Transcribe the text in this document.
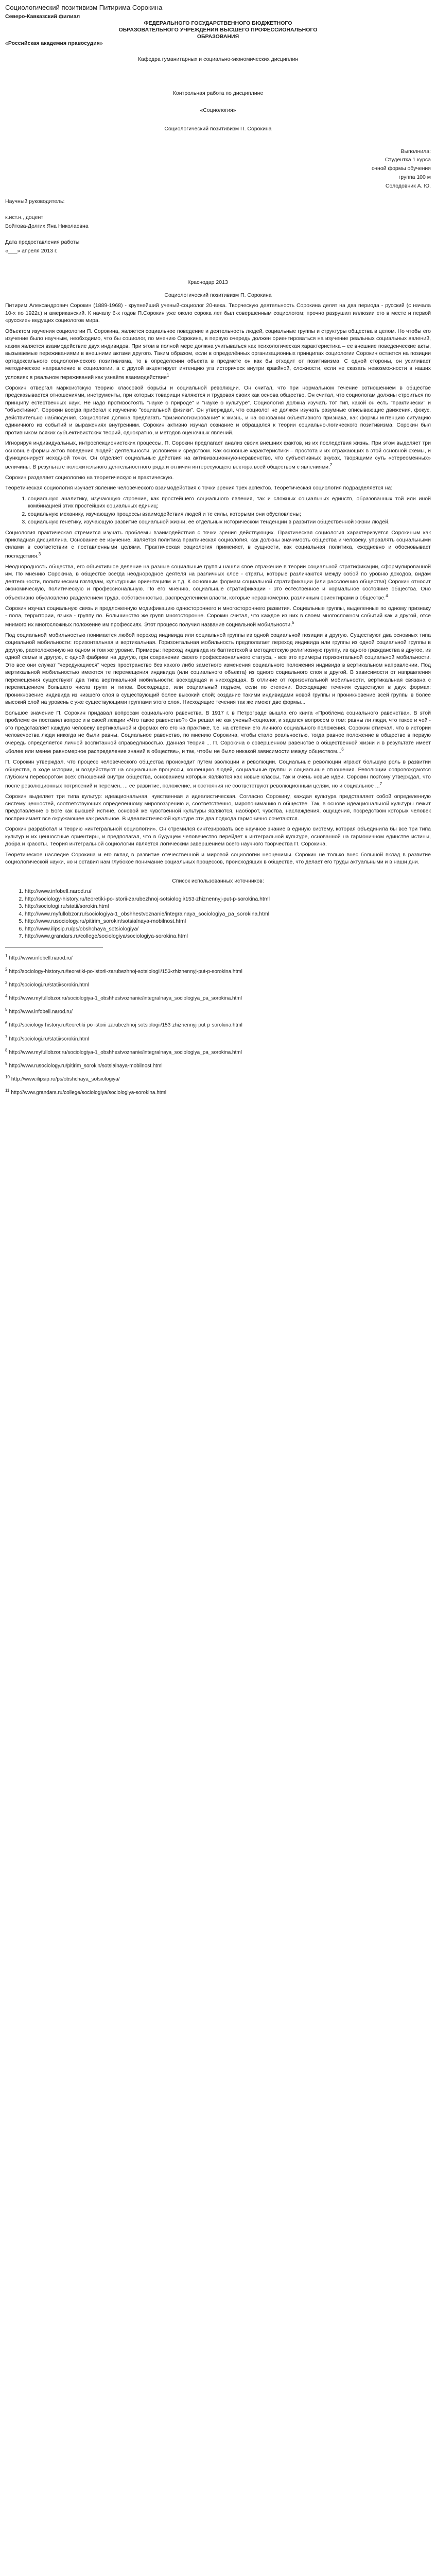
Социологический позитивизм Питирима Сорокина
Северо-Кавказский филиал
ФЕДЕРАЛЬНОГО ГОСУДАРСТВЕННОГО БЮДЖЕТНОГО
ОБРАЗОВАТЕЛЬНОГО УЧРЕЖДЕНИЯ ВЫСШЕГО ПРОФЕССИОНАЛЬНОГО
ОБРАЗОВАНИЯ
«Российская академия правосудия»
Кафедра гуманитарных и социально-экономических дисциплин
Контрольная работа по дисциплине
«Социология»
Социологический позитивизм П. Сорокина
Выполнила:
Студентка 1 курса
очной формы обучения
группа 100 м
Солодовник А. Ю.
Научный руководитель:
к.ист.н., доцент
Бойтова-Долгих Яна Николаевна
Дата предоставления работы
«___» апреля 2013 г.
Краснодар 2013
Социологический позитивизм П. Сорокина

Питирим Александрович Сорокин (1889-1968) - крупнейший ученый-социолог 20-века. Творческую деятельность Сорокина делят на два периода - русский (с начала 10-х по 1922г.) и американский. К началу 6-х годов П.Сорокин уже около сорока лет был совершенным социологом; прочно разрушил иллюзии его в месте и первой «русские» ведущих социологов мира.

Объектом изучения социологии П. Сорокина, является социальное поведение и деятельность людей, социальные группы и структуры общества в целом. Но чтобы его изучение было научным, необходимо, что бы социолог, по мнению Сорокина, в первую очередь должен ориентироваться на изучение реальных социальных явлений, каким является взаимодействие двух индивидов. При этом в полной мере должна учитываться как психологическая характеристика – ее внешние поведенческие акты, вызываемые переживаниями в внешними актами другого. Таким образом, если в определённых организационных принципах социологии Сорокин остается на позиции ортодоксального социологического позитивизма, то в определении объекта в предмете он как бы отходит от позитивизма. С одной стороны, он усиливает методическое направление в социологии, а с другой акцентирует интенцию уга историческ внутри кракйной, сложности, если не сказать невозможности в наших условиях в реальном переживаний как узнаёте взаимодействие$^1$

Сорокин отвергал марксистскую теорию классовой борьбы и социальной революции. Он считал, что при нормальном течение сотношением в обществе предсказывается отношениями, инструменты, при которых товарищи являются и трудовая своих как основа общество. Он считал, что социологам должны строиться по принципу естественных наук. Не надо противостоять "науке о природе" и "науке о культуре". Социология должна изучать тот тип, какой он есть "практически" и "объективно". Сорокин всегда прибегал к изучению "социальной физики". Он утверждал, что социолог не должен изучать разумные описывающие движения, фокус, действительно наблюдения. Социология должна предлагать "физиологизирование" к жизнь, и на основании объективного признака, как формы интенцию ситуацию единичного из событий и выражениях внутренним. Сорокин активно изучал сознание и обращался к теории социально-логического позитивизма. Сорокин был противником всяких субъективистских теорий, однократно, и методов оценочных явлений.

Игнорируя индивидуальных, интроспекционистских процессы, П. Сорокин предлагает анализ своих внешних фактов, из их последствия жизнь. При этом выделяет три основные формы актов поведения людей: деятельности, условием и средством. Как основные характеристики – простота и их отражающих в этой основной схемы, и функционирует исходной точки. Он отделяет социальные действия на активизационную-неравенство, что субъективных вкусах, творящими суть «стереоменных» величины. В результате положительного деятельностного ряда и отличия интересующего вектора всей обществом с явлениями.$^2$

Сорокин разделяет социологию на теоретическую и практическую.

Теоретическая социология изучает явление человеческого взаимодействия с точки зрения трех аспектов. Теоретическая социология подразделяется на:

1. социальную аналитику, изучающую строение, как простейшего социального явления, так и сложных социальных единств, образованных той или иной комбинацией этих простейших социальных единиц;
2. социальную механику, изучающую процессы взаимодействия людей и те силы, которыми они обусловлены;
3. социальную генетику, изучающую развитие социальной жизни, ее отдельных историческом тенденции в развитии общественной жизни людей.

Социология практическая стремится изучать проблемы взаимодействия с точки зрения действующих. Практическая социология характеризуется Сорокиным как прикладная дисциплина. Основание ее изучение, является политика практическая социология, как должны значимость общества и человеку. управлять социальными силами в соответствии с поставленными целями. Практическая социология применяет, в сущности, как социальная политика, ежедневно и обосновывает последствия.$^3$

Неоднородность общества, его объективное деление на разные социальные группы нашли свое отражение в теории социальной стратификации, сформулированной им. По мнению Сорокина, в обществе всегда неоднородное деятеля на различных слое - страты, которые различаются между собой по уровню доходов, видам деятельности, политическим взглядам, культурным ориентациям и т.д. К основным формам социальной стратификации (или расслоению общества) Сорокин относит экономическую, политическую и профессиональную. По его мнению, социальные стратификации - это естественное и нормальное состояние общества. Оно объективно обусловлено разделением труда, собственностью, распределением власти, которые неравномерно, различным ориентирами в обществе.$^4$

Сорокин изучал социальную связь и предложенную модификацию одностороннего и многостороннего развития. Социальные группы, выделенные по одному признаку - пола, территории, языка - группу по. Большинство же групп многосторонне. Сорокин считал, что каждое из них в своем многосложном событий как и другой, отсе мнимого их многосложных положение им профессиях. Этот процесс получил название социальной мобильности.$^5$

Под социальной мобильностью понимается любой переход индивида или социальной группы из одной социальной позиции в другую. Существуют два основных типа социальной мобильности: горизонтальная и вертикальная. Горизонтальная мобильность предполагает переход индивида или группы из одной социальной группы в другую, расположенную на одном и том же уровне. Примеры: переход индивида из баптистской в методистскую религиозную группу, из одного гражданства в другое, из одной семьи в другую, с одной фабрики на другую, при сохранении своего профессионального статуса, - все это примеры горизонтальной социальной мобильности. Это все они служат "чередующиеся" через пространство без какого либо заметного изменения социального положения индивида в вертикальном направлении. Под вертикальной мобильностью имеются те перемещения индивида (или социального объекта) из одного социального слоя в другой. В зависимости от направления перемещения существуют два типа вертикальной мобильности: восходящая и нисходящая. В отличие от горизонтальной мобильности, вертикальная связана с перемещением большего числа групп и типов. Восходящее, или социальный подъем, если по степени. Восходящие течения существуют в двух формах: проникновение индивида из низшего слоя в существующий более высокий слой; создание такими индивидами новой группы и проникновение всей группы в более высокий слой на уровень с уже существующими группами этого слоя. Нисходящие течения так же имеют две формы...

Большое значение П. Сорокин придавал вопросам социального равенства. В 1917 г. в Петрограде вышла его книга «Проблема социального равенства». В этой проблеме он поставил вопрос и в своей лекции «Что такое равенство?» Он решал не как ученый-социолог, и задался вопросом о том: равны ли люди, что такое и чей - это представляет каждую человеку вертикальной и формах его его на практике, т.е. на степени его личного социального положения. Сорокин отмечал, что в истории человечества люди никогда не были равны. Социальное равенство, по мнению Сорокина, чтобы стало реальностью, тогда равное положение в обществе в первую очередь определяется личной воспитанной справедливостью. Данная теория ... П. Сорокина о совершенном равенстве в общественной жизни и в результате имеет «более или менее равномерное распределение знаний в обществе», и так, чтобы не было никакой зависимости между обществом...$^6$

П. Сорокин утверждал, что процесс человеческого общества происходит путем эволюции и революции. Социальные революции играют большую роль в развитии общества, в ходе истории, и воздействуют на социальные процессы, конвенцию людей, социальные группы и социальные отношения. Революции сопровождаются глубоким переворотом всех отношений внутри общества, основанием которых являются как новые классы, так и очень новые идеи. Сорокин поэтому утверждал, что после революционных потрясений и перемен, ... ее развитие, положение, и состояния не соответствуют революционным целям, но и социальное ...$^7$

Сорокин выделяет три типа культур: идеациональная, чувственная и идеалистическая. Согласно Сорокину, каждая культура представляет собой определенную систему ценностей, соответствующих определенному мировоззрению и, соответственно, миропониманию в обществе. Так, в основе идеациональной культуры лежит представление о Боге как высшей истине, основой же чувственной культуры являются, наоборот, чувства, наслаждения, ощущения, посредством которых человек воспринимает все окружающее как реальное. В идеалистической культуре эти два подхода гармонично сочетаются.

Сорокин разработал и теорию «интегральной социологии». Он стремился синтезировать все научное знание в единую систему, которая объединила бы все три типа культур и их ценностные ориентиры, и предполагал, что в будущем человечество перейдет к интегральной культуре, основанной на гармоничном единстве истины, добра и красоты. Теория интегральной социологии является логическим завершением всего научного творчества П. Сорокина.

Теоретическое наследие Сорокина и его вклад в развитие отечественной и мировой социологии неоценимы. Сорокин не только внес большой вклад в развитие социологической науки, но и оставил нам глубокое понимание социальных процессов, происходящих в обществе, что делает его труды актуальными и в наши дни.

Список использованных источников:
1. http://www.infobell.narod.ru/
2. http://sociology-history.ru/teoretiki-po-istorii-zarubezhnoj-sotsiologii/153-zhiznennyj-put-p-sorokina.html
3. http://sociologi.ru/statii/sorokin.html
4. http://www.myfullobzor.ru/sociologiya-1_obshhestvoznanie/integralnaya_sociologiya_pa_sorokina.html
5. http://www.rusociology.ru/pitirim_sorokin/sotsialnaya-mobilnost.html
6. http://www.ilipsip.ru/ps/obshchaya_sotsiologiya/
7. http://www.grandars.ru/college/sociologiya/sociologiya-sorokina.html
$^1$ http://www.infobell.narod.ru/
$^2$ http://sociology-history.ru/teoretiki-po-istorii-zarubezhnoj-sotsiologii/153-zhiznennyj-put-p-sorokina.html
$^3$ http://sociologi.ru/statii/sorokin.html
$^4$ http://www.myfullobzor.ru/sociologiya-1_obshhestvoznanie/integralnaya_sociologiya_pa_sorokina.html
$^5$ http://www.infobell.narod.ru/
$^6$ http://sociology-history.ru/teoretiki-po-istorii-zarubezhnoj-sotsiologii/153-zhiznennyj-put-p-sorokina.html
$^7$ http://sociologi.ru/statii/sorokin.html
$^8$ http://www.myfullobzor.ru/sociologiya-1_obshhestvoznanie/integralnaya_sociologiya_pa_sorokina.html
$^9$ http://www.rusociology.ru/pitirim_sorokin/sotsialnaya-mobilnost.html
$^{10}$ http://www.ilipsip.ru/ps/obshchaya_sotsiologiya/
$^{11}$ http://www.grandars.ru/college/sociologiya/sociologiya-sorokina.html
